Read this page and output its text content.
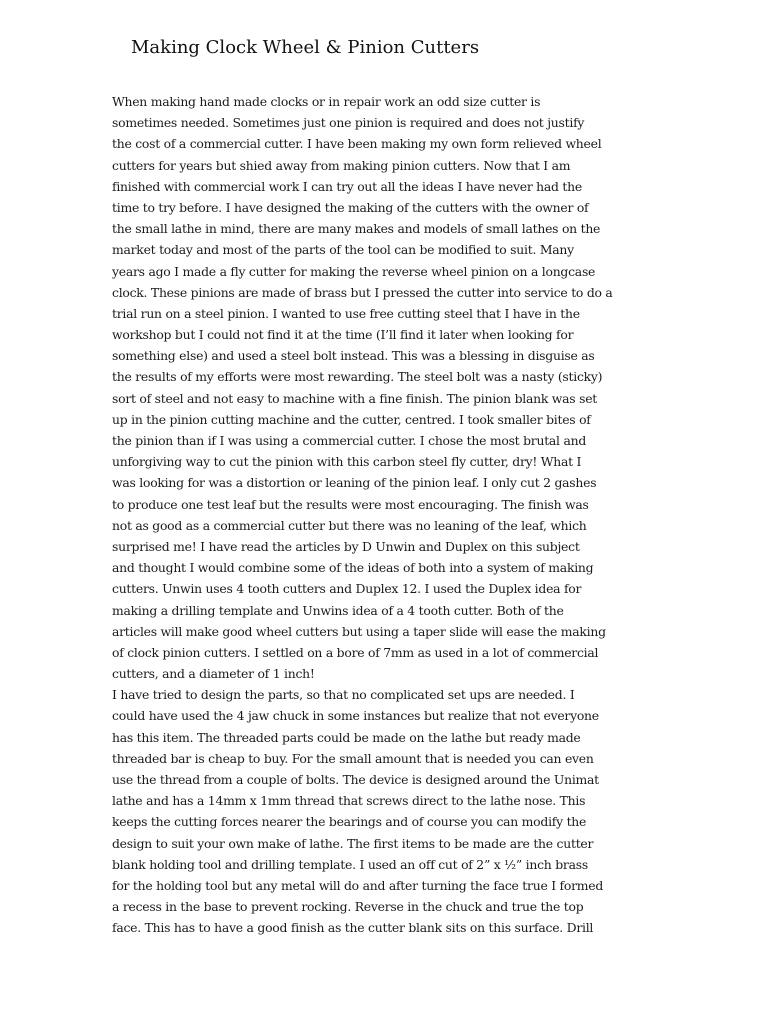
Making Clock Wheel & Pinion Cutters
When making hand made clocks or in repair work an odd size cutter is
sometimes needed. Sometimes just one pinion is required and does not justify
the cost of a commercial cutter. I have been making my own form relieved wheel
cutters for years but shied away from making pinion cutters. Now that I am
finished with commercial work I can try out all the ideas I have never had the
time to try before. I have designed the making of the cutters with the owner of
the small lathe in mind, there are many makes and models of small lathes on the
market today and most of the parts of the tool can be modified to suit. Many
years ago I made a fly cutter for making the reverse wheel pinion on a longcase
clock. These pinions are made of brass but I pressed the cutter into service to do a
trial run on a steel pinion. I wanted to use free cutting steel that I have in the
workshop but I could not find it at the time (I’ll find it later when looking for
something else) and used a steel bolt instead. This was a blessing in disguise as
the results of my efforts were most rewarding. The steel bolt was a nasty (sticky)
sort of steel and not easy to machine with a fine finish. The pinion blank was set
up in the pinion cutting machine and the cutter, centred. I took smaller bites of
the pinion than if I was using a commercial cutter. I chose the most brutal and
unforgiving way to cut the pinion with this carbon steel fly cutter, dry! What I
was looking for was a distortion or leaning of the pinion leaf. I only cut 2 gashes
to produce one test leaf but the results were most encouraging. The finish was
not as good as a commercial cutter but there was no leaning of the leaf, which
surprised me! I have read the articles by D Unwin and Duplex on this subject
and thought I would combine some of the ideas of both into a system of making
cutters. Unwin uses 4 tooth cutters and Duplex 12. I used the Duplex idea for
making a drilling template and Unwins idea of a 4 tooth cutter. Both of the
articles will make good wheel cutters but using a taper slide will ease the making
of clock pinion cutters. I settled on a bore of 7mm as used in a lot of commercial
cutters, and a diameter of 1 inch!
I have tried to design the parts, so that no complicated set ups are needed. I
could have used the 4 jaw chuck in some instances but realize that not everyone
has this item. The threaded parts could be made on the lathe but ready made
threaded bar is cheap to buy. For the small amount that is needed you can even
use the thread from a couple of bolts. The device is designed around the Unimat
lathe and has a 14mm x 1mm thread that screws direct to the lathe nose. This
keeps the cutting forces nearer the bearings and of course you can modify the
design to suit your own make of lathe. The first items to be made are the cutter
blank holding tool and drilling template. I used an off cut of 2” x ½” inch brass
for the holding tool but any metal will do and after turning the face true I formed
a recess in the base to prevent rocking. Reverse in the chuck and true the top
face. This has to have a good finish as the cutter blank sits on this surface. Drill
